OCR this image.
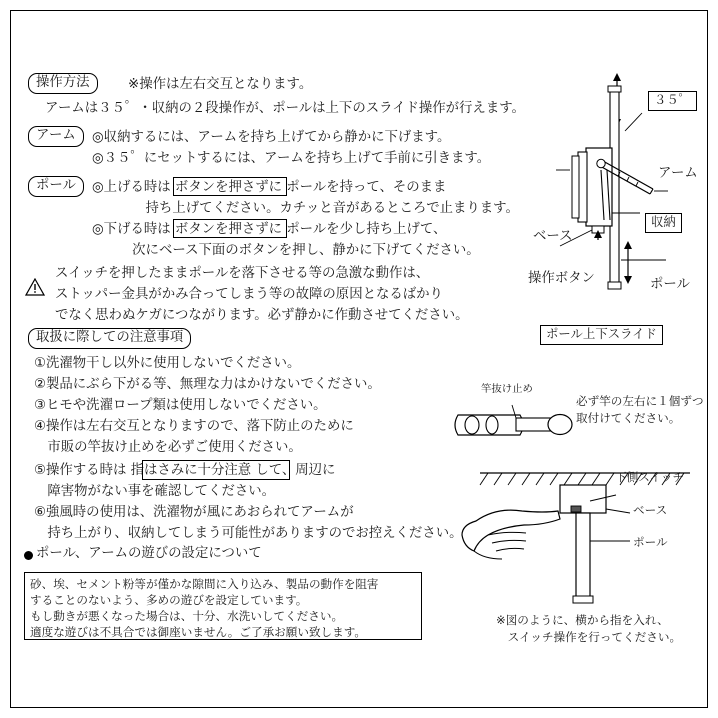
操作方法	※操作は左右交互となります。
アームは３５゜・収納の２段操作が、ポールは上下のスライド操作が行えます。
アーム	◎収納するには、アームを持ち上げてから静かに下げます。
◎３５゜にセットするには、アームを持ち上げて手前に引きます。
ポール	◎上げる時は ボタンを押さずに ポールを持って、そのまま
　　　　持ち上げてください。カチッと音があるところで止まります。
◎下げる時は ボタンを押さずに ポールを少し持ち上げて、
　　　次にベース下面のボタンを押し、静かに下げてください。
スイッチを押したままポールを落下させる等の急激な動作は、
ストッパー金具がかみ合ってしまう等の故障の原因となるばかり
でなく思わぬケガにつながります。必ず静かに作動させてください。
取扱に際しての注意事項
①洗濯物干し以外に使用しないでください。
②製品にぶら下がる等、無理な力はかけないでください。
③ヒモや洗濯ロープ類は使用しないでください。
④操作は左右交互となりますので、落下防止のために
　市販の竿抜け止めを必ずご使用ください。
⑤操作する時は 指はさみに十分注意 して、周辺に
　障害物がない事を確認してください。
⑥強風時の使用は、洗濯物が風にあおられてアームが
　持ち上がり、収納してしまう可能性がありますのでお控えください。
ポール、アームの遊びの設定について
砂、埃、セメント粉等が僅かな隙間に入り込み、製品の動作を阻害
することのないよう、多めの遊びを設定しています。
もし動きが悪くなった場合は、十分、水洗いしてください。
適度な遊びは不具合では御座いません。ご了承お願い致します。
３５゜
アーム
ベース
収納
操作ボタン	ポール
ポール上下スライド
竿抜け止め
必ず竿の左右に１個ずつ
取付けてください。
下側スイッチ
ベース
ポール
※図のように、横から指を入れ、
　スイッチ操作を行ってください。
